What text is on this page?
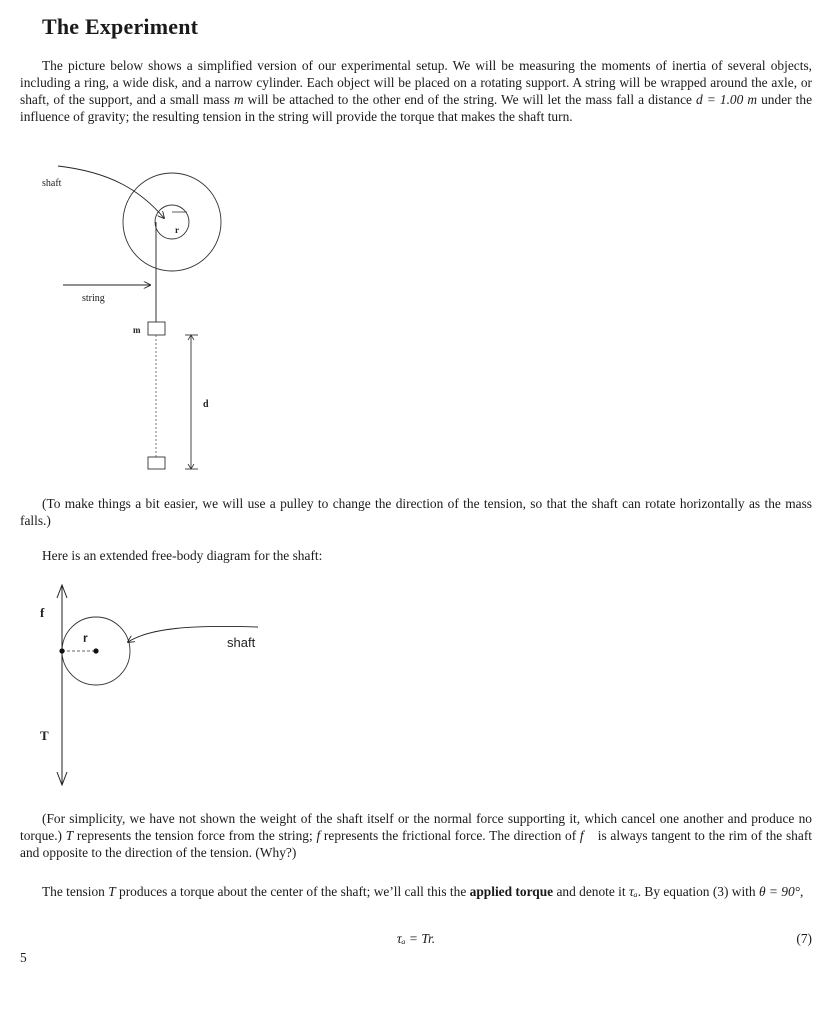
The Experiment

The picture below shows a simplified version of our experimental setup. We will be measuring the moments of inertia of several objects, including a ring, a wide disk, and a narrow cylinder. Each object will be placed on a rotating support. A string will be wrapped around the axle, or shaft, of the support, and a small mass m will be attached to the other end of the string. We will let the mass fall a distance d = 1.00 m under the influence of gravity; the resulting tension in the string will provide the torque that makes the shaft turn.

shaft
r
string
m
d

(To make things a bit easier, we will use a pulley to change the direction of the tension, so that the shaft can rotate horizontally as the mass falls.)

Here is an extended free-body diagram for the shaft:

f
r	shaft
T

(For simplicity, we have not shown the weight of the shaft itself or the normal force supporting it, which cancel one another and produce no torque.) T represents the tension force from the string; f represents the frictional force. The direction of f⃗ is always tangent to the rim of the shaft and opposite to the direction of the tension. (Why?)

The tension T produces a torque about the center of the shaft; we’ll call this the applied torque and denote it τₐ. By equation (3) with θ = 90°,

τₐ = Tr.	(7)
5
